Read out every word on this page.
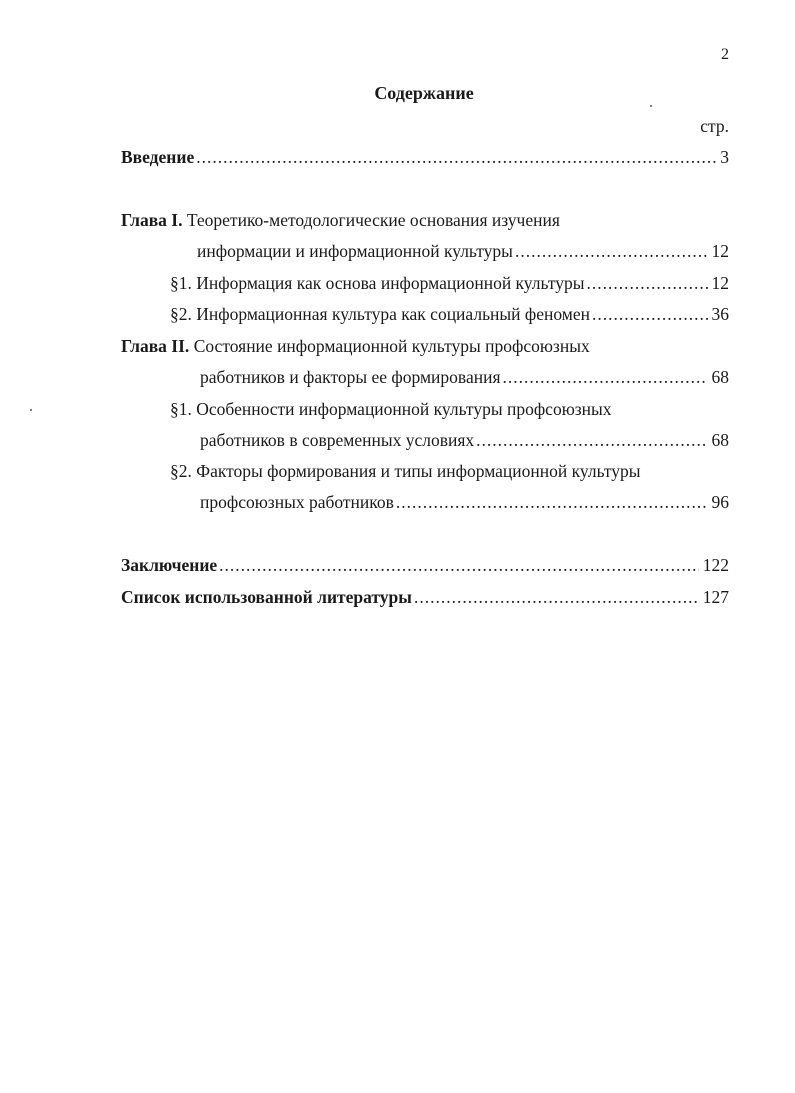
2
Содержание
стр.
Введение .....	3
Глава I. Теоретико-методологические основания изучения
информации и информационной культуры .....	12
§1. Информация как основа информационной культуры .....	12
§2. Информационная культура как социальный феномен .....	36
Глава II. Состояние информационной культуры профсоюзных
работников и факторы ее формирования .....	68
§1. Особенности информационной культуры профсоюзных
работников в современных условиях .....	68
§2. Факторы формирования и типы информационной культуры
профсоюзных работников .....	96
Заключение .....	122
Список использованной литературы .....	127
